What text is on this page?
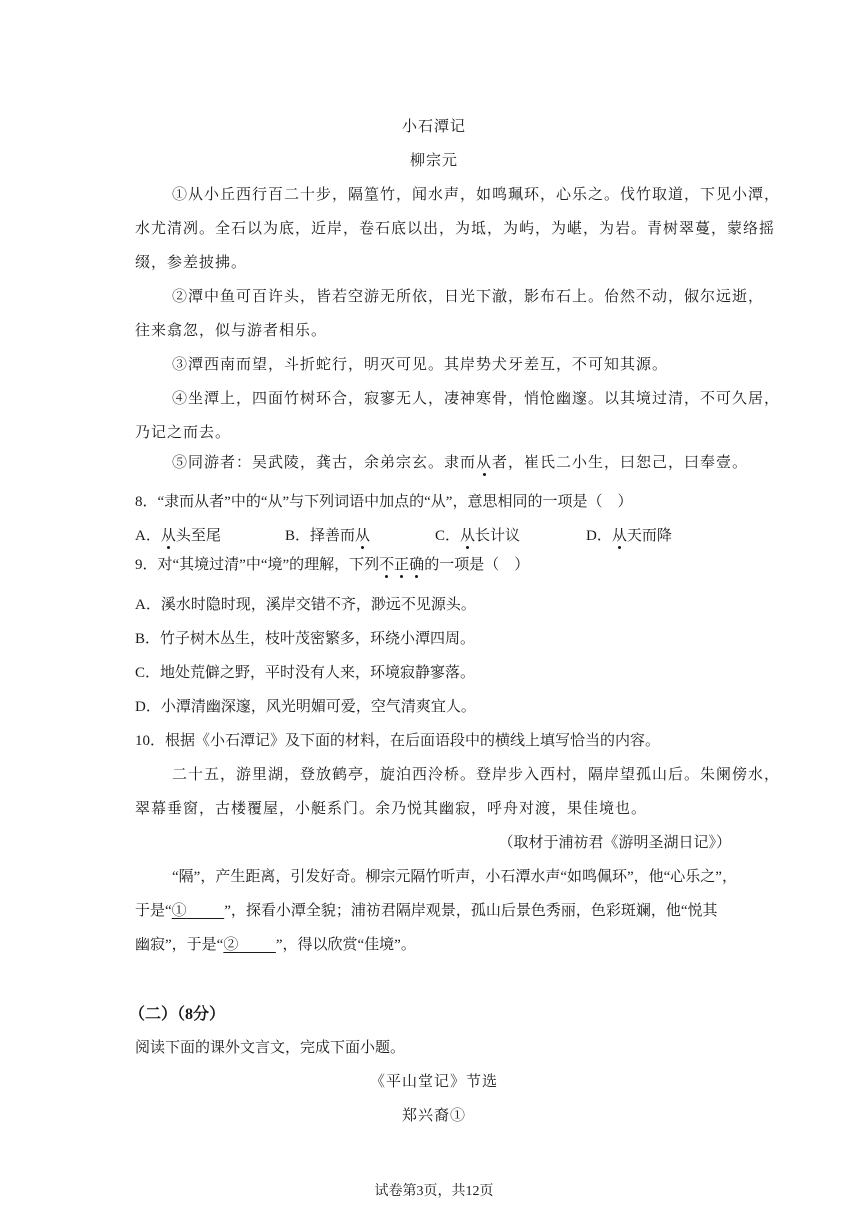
小石潭记
柳宗元
①从小丘西行百二十步，隔篁竹，闻水声，如鸣珮环，心乐之。伐竹取道，下见小潭，
水尤清冽。全石以为底，近岸，卷石底以出，为坻，为屿，为嵁，为岩。青树翠蔓，蒙络摇
缀，参差披拂。
②潭中鱼可百许头，皆若空游无所依，日光下澈，影布石上。佁然不动，俶尔远逝，
往来翕忽，似与游者相乐。
③潭西南而望，斗折蛇行，明灭可见。其岸势犬牙差互，不可知其源。
④坐潭上，四面竹树环合，寂寥无人，凄神寒骨，悄怆幽邃。以其境过清，不可久居，
乃记之而去。
⑤同游者：吴武陵，龚古，余弟宗玄。隶而从者，崔氏二小生，曰恕己，曰奉壹。
8．“隶而从者”中的“从”与下列词语中加点的“从”，意思相同的一项是（　）
A．从头至尾	B．择善而从	C．从长计议	D．从天而降
9．对“其境过清”中“境”的理解，下列不正确的一项是（　）
A．溪水时隐时现，溪岸交错不齐，渺远不见源头。
B．竹子树木丛生，枝叶茂密繁多，环绕小潭四周。
C．地处荒僻之野，平时没有人来，环境寂静寥落。
D．小潭清幽深邃，风光明媚可爱，空气清爽宜人。
10．根据《小石潭记》及下面的材料，在后面语段中的横线上填写恰当的内容。
二十五，游里湖，登放鹤亭，旋泊西泠桥。登岸步入西村，隔岸望孤山后。朱阑傍水，
翠幕垂窗，古楼覆屋，小艇系门。余乃悦其幽寂，呼舟对渡，果佳境也。
（取材于浦祊君《游明圣湖日记》）
“隔”，产生距离，引发好奇。柳宗元隔竹听声，小石潭水声“如鸣佩环”，他“心乐之”，
于是“①   	”，探看小潭全貌；浦祊君隔岸观景，孤山后景色秀丽，色彩斑斓，他“悦其
幽寂”，于是“②   	”，得以欣赏“佳境”。
（二）（8分）
阅读下面的课外文言文，完成下面小题。
《平山堂记》节选
郑兴裔①
试卷第3页，共12页
